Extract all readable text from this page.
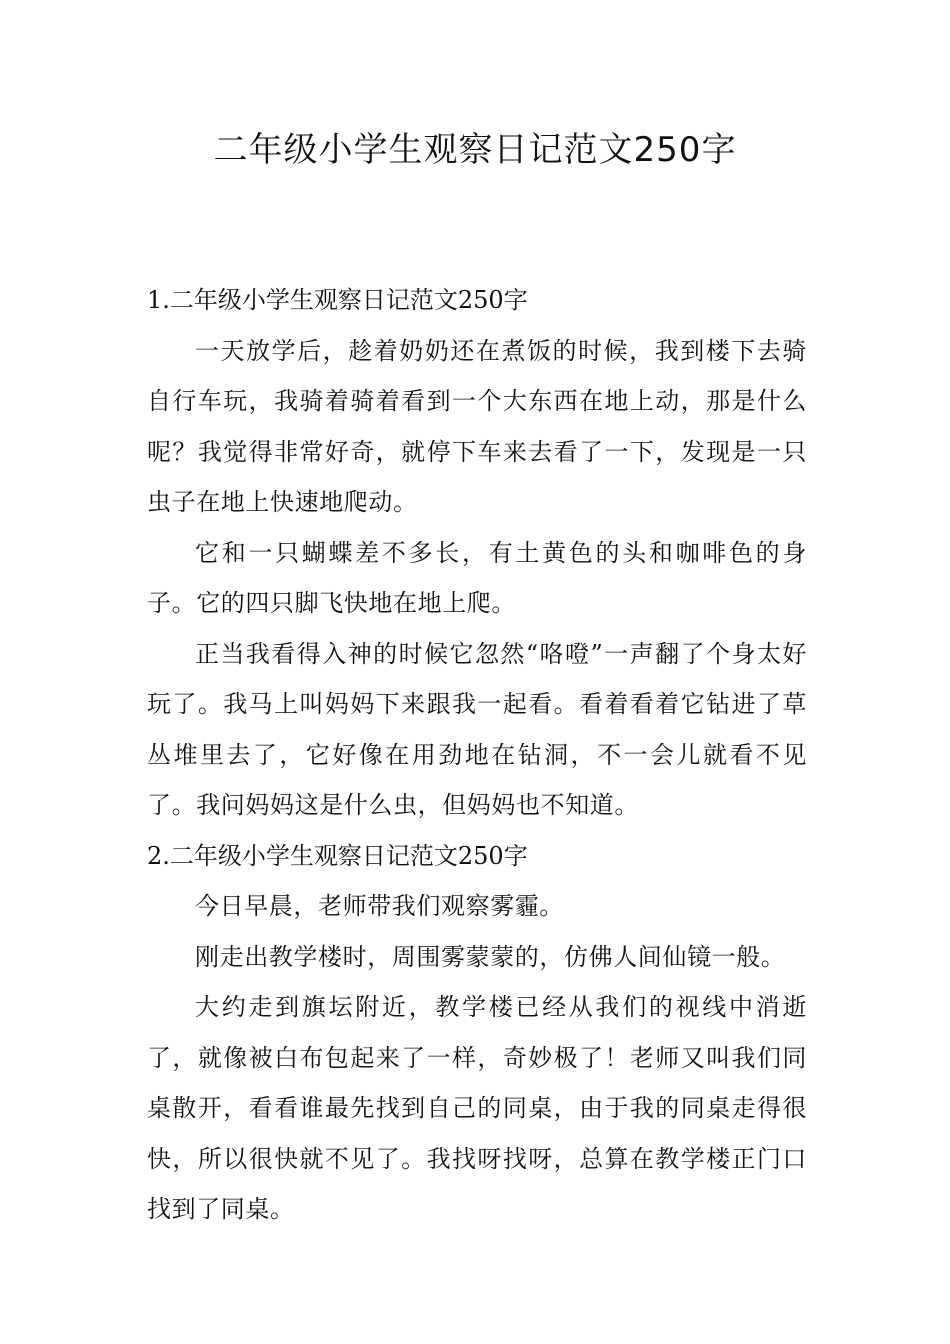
二年级小学生观察日记范文250字
1.二年级小学生观察日记范文250字

一天放学后，趁着奶奶还在煮饭的时候，我到楼下去骑自行车玩，我骑着骑着看到一个大东西在地上动，那是什么呢？我觉得非常好奇，就停下车来去看了一下，发现是一只虫子在地上快速地爬动。

它和一只蝴蝶差不多长，有土黄色的头和咖啡色的身子。它的四只脚飞快地在地上爬。

正当我看得入神的时候它忽然“咯噔”一声翻了个身太好玩了。我马上叫妈妈下来跟我一起看。看着看着它钻进了草丛堆里去了，它好像在用劲地在钻洞，不一会儿就看不见了。我问妈妈这是什么虫，但妈妈也不知道。

2.二年级小学生观察日记范文250字

今日早晨，老师带我们观察雾霾。

刚走出教学楼时，周围雾蒙蒙的，仿佛人间仙镜一般。

大约走到旗坛附近，教学楼已经从我们的视线中消逝了，就像被白布包起来了一样，奇妙极了！老师又叫我们同桌散开，看看谁最先找到自己的同桌，由于我的同桌走得很快，所以很快就不见了。我找呀找呀，总算在教学楼正门口找到了同桌。
